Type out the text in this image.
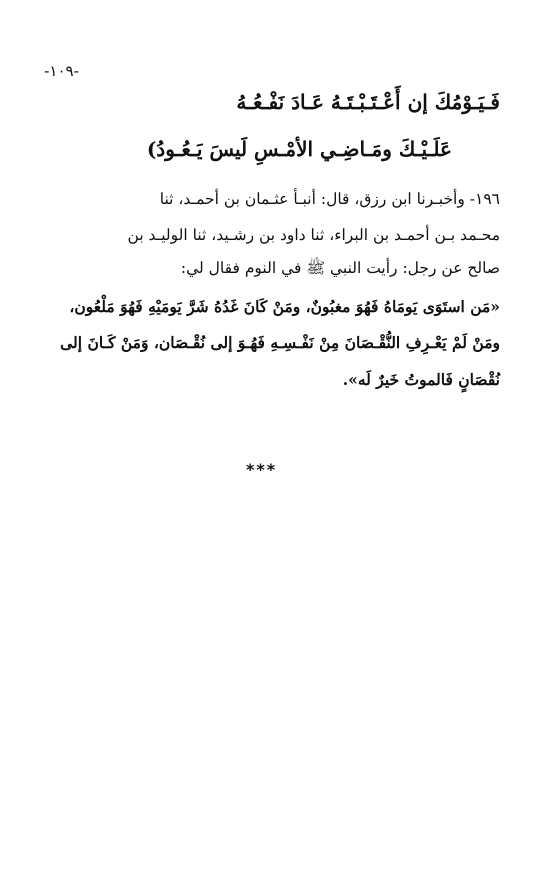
-١٠٩-
فَـيَـوْمُكَ إن أَعْـتَـبْـتَـهُ عَـادَ نَفْـعُـهُ
عَلَـيْـكَ ومَـاضِـي الأمْـسِ لَيسَ يَـعُـودُ)
١٩٦- وأخبـرنا ابن رزق، قال: أنبـأ عثـمان بن أحمـد، ثنا
محـمد بـن أحمـد بن البراء، ثنا داود بن رشـيد، ثنا الوليـد بن
صالح عن رجل: رأيت النبي ﷺ في النوم فقال لي:
«مَن استَوَى يَومَاهُ فَهُوَ مغبُونٌ، ومَنْ كَانَ غَدُهُ شَرَّ يَومَيْهِ فَهُوَ مَلْعُون،
ومَنْ لَمْ يَعْـرِفِ النُّقْـصَانَ مِنْ نَفْـسِـهِ فَهُـوَ إلى نُقْـصَان، وَمَنْ كَـانَ إلى
نُقْصَانٍ فَالموتُ خَيرٌ لَه».
***
